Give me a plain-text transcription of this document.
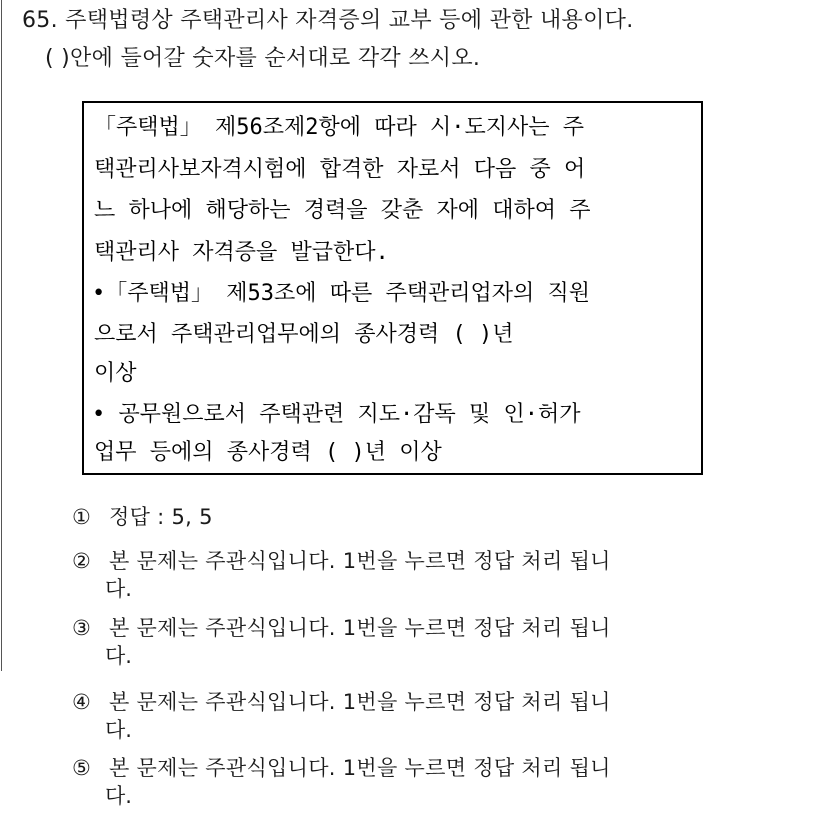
65. 주택법령상 주택관리사 자격증의 교부 등에 관한 내용이다.
( )안에 들어갈 숫자를 순서대로 각각 쓰시오.
「주택법」 제56조제2항에 따라 시·도지사는 주
택관리사보자격시험에 합격한 자로서 다음 중 어
느 하나에 해당하는 경력을 갖춘 자에 대하여 주
택관리사 자격증을 발급한다.
•「주택법」 제53조에 따른 주택관리업자의 직원
으로서 주택관리업무에의 종사경력 ( )년
이상
• 공무원으로서 주택관련 지도·감독 및 인·허가
업무 등에의 종사경력 ( )년 이상
① 정답 : 5, 5
② 본 문제는 주관식입니다. 1번을 누르면 정답 처리 됩니
다.
③ 본 문제는 주관식입니다. 1번을 누르면 정답 처리 됩니
다.
④ 본 문제는 주관식입니다. 1번을 누르면 정답 처리 됩니
다.
⑤ 본 문제는 주관식입니다. 1번을 누르면 정답 처리 됩니
다.
